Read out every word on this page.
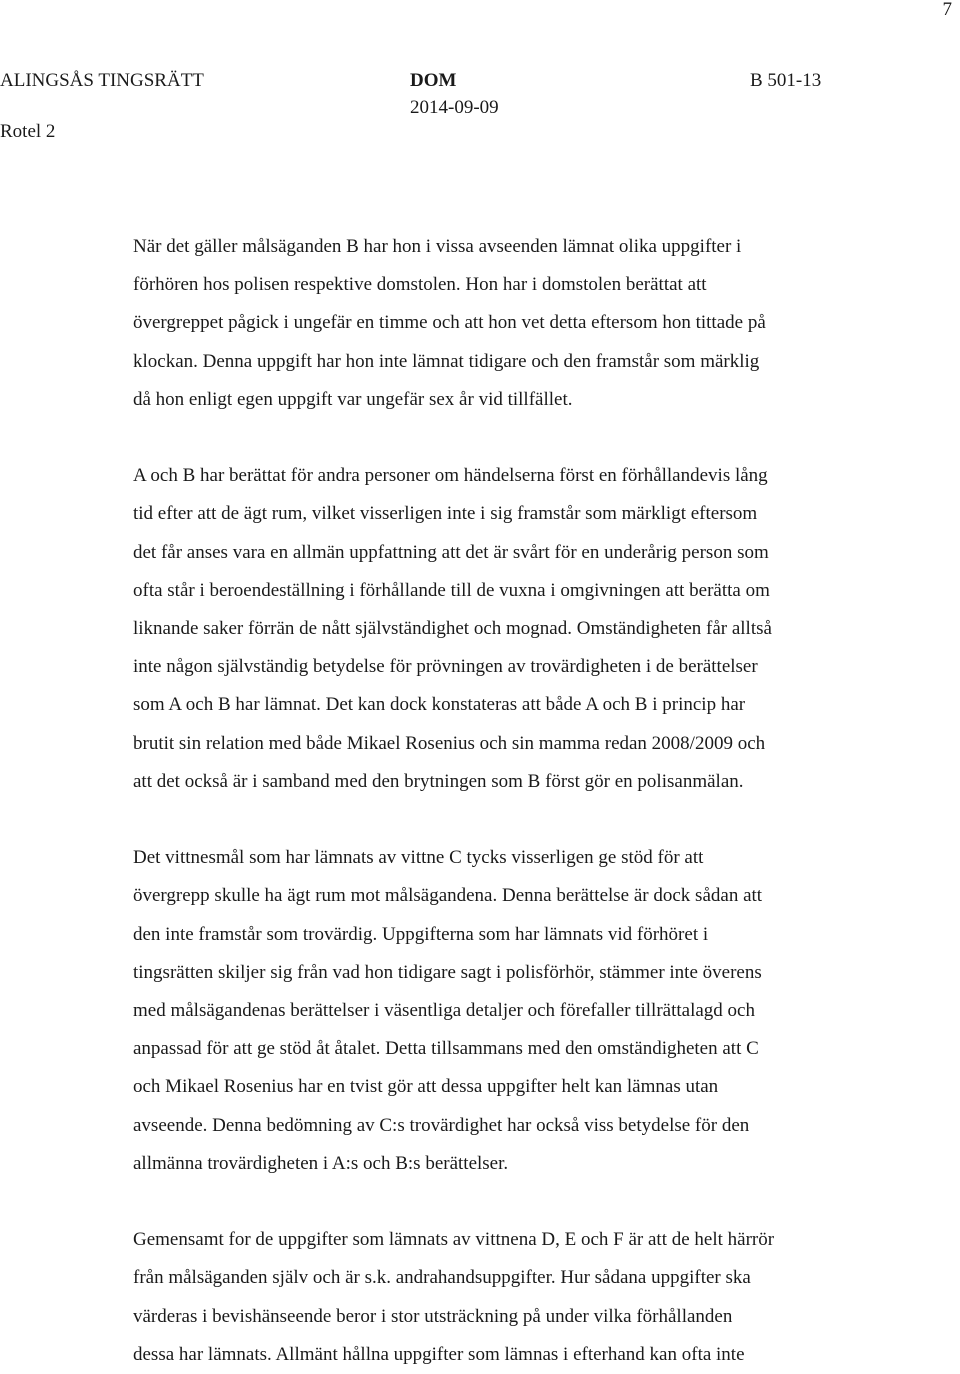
7
ALINGSÅS TINGSRÄTT
Rotel 2
DOM
2014-09-09
B 501-13

När det gäller målsäganden B har hon i vissa avseenden lämnat olika uppgifter i
förhören hos polisen respektive domstolen. Hon har i domstolen berättat att
övergreppet pågick i ungefär en timme och att hon vet detta eftersom hon tittade på
klockan. Denna uppgift har hon inte lämnat tidigare och den framstår som märklig
då hon enligt egen uppgift var ungefär sex år vid tillfället.

A och B har berättat för andra personer om händelserna först en förhållandevis lång
tid efter att de ägt rum, vilket visserligen inte i sig framstår som märkligt eftersom
det får anses vara en allmän uppfattning att det är svårt för en underårig person som
ofta står i beroendeställning i förhållande till de vuxna i omgivningen att berätta om
liknande saker förrän de nått självständighet och mognad. Omständigheten får alltså
inte någon självständig betydelse för prövningen av trovärdigheten i de berättelser
som A och B har lämnat. Det kan dock konstateras att både A och B i princip har
brutit sin relation med både Mikael Rosenius och sin mamma redan 2008/2009 och
att det också är i samband med den brytningen som B först gör en polisanmälan.

Det vittnesmål som har lämnats av vittne C tycks visserligen ge stöd för att
övergrepp skulle ha ägt rum mot målsägandena. Denna berättelse är dock sådan att
den inte framstår som trovärdig. Uppgifterna som har lämnats vid förhöret i
tingsrätten skiljer sig från vad hon tidigare sagt i polisförhör, stämmer inte överens
med målsägandenas berättelser i väsentliga detaljer och förefaller tillrättalagd och
anpassad för att ge stöd åt åtalet. Detta tillsammans med den omständigheten att C
och Mikael Rosenius har en tvist gör att dessa uppgifter helt kan lämnas utan
avseende. Denna bedömning av C:s trovärdighet har också viss betydelse för den
allmänna trovärdigheten i A:s och B:s berättelser.

Gemensamt for de uppgifter som lämnats av vittnena D, E och F är att de helt härrör
från målsäganden själv och är s.k. andrahandsuppgifter. Hur sådana uppgifter ska
värderas i bevishänseende beror i stor utsträckning på under vilka förhållanden
dessa har lämnats. Allmänt hållna uppgifter som lämnas i efterhand kan ofta inte
